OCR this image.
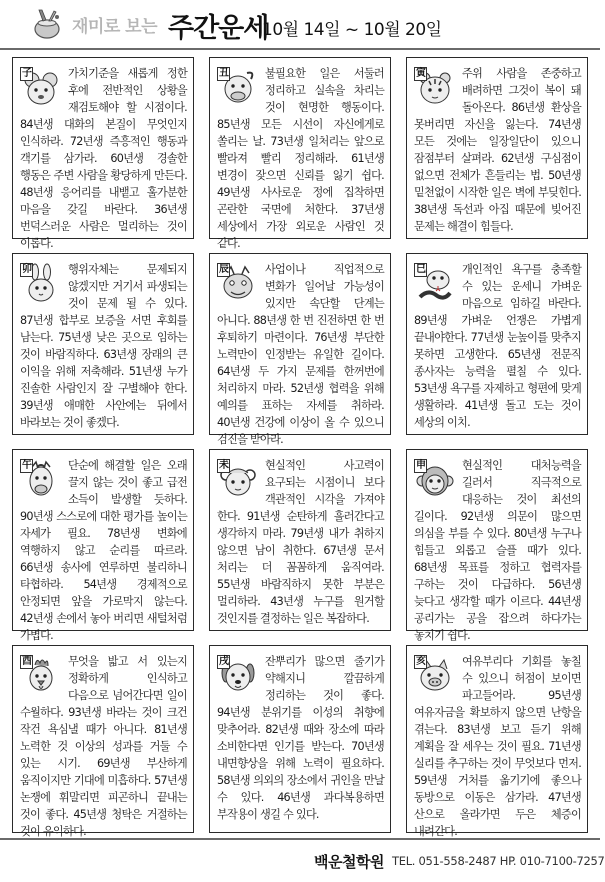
재미로 보는 주간운세
10월 14일 ~ 10월 20일
子	가치기준을 새롭게 정한 후에 전반적인 상황을 재검토해야 할 시점이다. 84년생 대화의 본질이 무엇인지 인식하라. 72년생 즉흥적인 행동과 객기를 삼가라. 60년생 경솔한 행동은 주변 사람을 황당하게 만든다. 48년생 응어리를 내뱉고 훌가분한 마음을 갖길 바란다. 36년생 번덕스러운 사람은 멀리하는 것이 이롭다.
丑	불필요한 일은 서둘러 정리하고 실속을 차리는 것이 현명한 행동이다. 85년생 모든 시선이 자신에게로 쏠리는 날. 73년생 일처리는 앞으로 빨라져 빨리 정리해라. 61년생 변경이 잦으면 신뢰를 잃기 쉽다. 49년생 사사로운 정에 집착하면 곤란한 국면에 처한다. 37년생 세상에서 가장 외로운 사람인 것 같다.
寅	주위 사람을 존중하고 배려하면 그것이 복이 돼 돌아온다. 86년생 환상을 못버리면 자신을 잃는다. 74년생 모든 것에는 일장일단이 있으니 잠점부터 살펴라. 62년생 구심점이 없으면 전체가 흔들리는 법. 50년생 밑천없이 시작한 일은 벽에 부딪힌다. 38년생 독선과 아집 때문에 빚어진 문제는 해결이 힘들다.
卯	행위자체는 문제되지 않겠지만 거기서 파생되는 것이 문제 될 수 있다. 87년생 합부로 보증을 서면 후회를 남는다. 75년생 낮은 곳으로 임하는 것이 바람직하다. 63년생 장래의 큰 이익을 위해 저축해라. 51년생 누가 진솔한 사람인지 잘 구별해야 한다. 39년생 애매한 사안에는 뒤에서 바라보는 것이 좋겠다.
辰	사업이나 직업적으로 변화가 일어날 가능성이 있지만 속단할 단계는 아니다. 88년생 한 번 진전하면 한 번 후퇴하기 마련이다. 76년생 부단한 노력만이 인정받는 유일한 길이다. 64년생 두 가지 문제를 한꺼번에 처리하지 마라. 52년생 협력을 위해 예의를 표하는 자세를 취하라. 40년생 건강에 이상이 올 수 있으니 검진을 받아라.
巳	개인적인 욕구를 충족할 수 있는 운세니 가벼운 마음으로 임하길 바란다. 89년생 가벼운 언쟁은 가볍게 끝내야한다. 77년생 눈높이를 맞추지 못하면 고생한다. 65년생 전문직 종사자는 능력을 펼칠 수 있다. 53년생 욕구를 자제하고 형편에 맞게 생활하라. 41년생 돌고 도는 것이 세상의 이치.
午	단순에 해결할 일은 오래 끌지 않는 것이 좋고 급전 소득이 발생할 듯하다. 90년생 스스로에 대한 평가를 높이는 자세가 필요. 78년생 변화에 역행하지 않고 순리를 따르라. 66년생 송사에 연루하면 불리하니 타협하라. 54년생 경제적으로 안정되면 앞을 가로막지 않는다. 42년생 손에서 놓아 버리면 새털처럼 가볍다.
未	현실적인 사고력이 요구되는 시점이니 보다 객관적인 시각을 가져야 한다. 91년생 순탄하게 흘러간다고 생각하지 마라. 79년생 내가 취하지 않으면 남이 취한다. 67년생 문서 처리는 더 꼼꼼하게 움직여라. 55년생 바람직하지 못한 부분은 멀리하라. 43년생 누구를 원거할 것인지를 결정하는 일은 복잡하다.
申	현실적인 대처능력을 길러서 직극적으로 대응하는 것이 최선의 길이다. 92년생 의문이 많으면 의심을 부를 수 있다. 80년생 누구나 힘들고 외롭고 슬플 때가 있다. 68년생 목표를 정하고 협력자를 구하는 것이 다급하다. 56년생 늦다고 생각할 때가 이르다. 44년생 공리가는 공을 잡으려 하다가는 놓치기 쉽다.
酉	무엇을 밟고 서 있는지 정확하게 인식하고 다음으로 넘어간다면 일이 수월하다. 93년생 바라는 것이 크건 작건 욕심낼 때가 아니다. 81년생 노력한 것 이상의 성과를 거둘 수 있는 시기. 69년생 부산하게 움직이지만 기대에 미흡하다. 57년생 논쟁에 휘말리면 피곤하니 끝내는 것이 좋다. 45년생 청탁은 거절하는 것이 유익하다.
戌	잔뿌리가 많으면 줄기가 약해지니 깔끔하게 정리하는 것이 좋다. 94년생 분위기를 이성의 취향에 맞추어라. 82년생 때와 장소에 따라 소비한다면 인기를 받는다. 70년생 내면향상을 위해 노력이 필요하다. 58년생 의외의 장소에서 귀인을 만날 수 있다. 46년생 과다복용하면 부작용이 생길 수 있다.
亥	여유부리다 기회를 놓칠 수 있으니 허점이 보이면 파고들어라. 95년생 여유자금을 확보하지 않으면 난항을 겪는다. 83년생 보고 듣기 위해 계획을 잘 세우는 것이 필요. 71년생 실리를 추구하는 것이 무엇보다 먼저. 59년생 거처를 옮기기에 좋으나 동방으로 이동은 삼가라. 47년생 산으로 올라가면 두은 체증이 내려간다.
백운철학원 TEL. 051-558-2487 HP. 010-7100-7257
